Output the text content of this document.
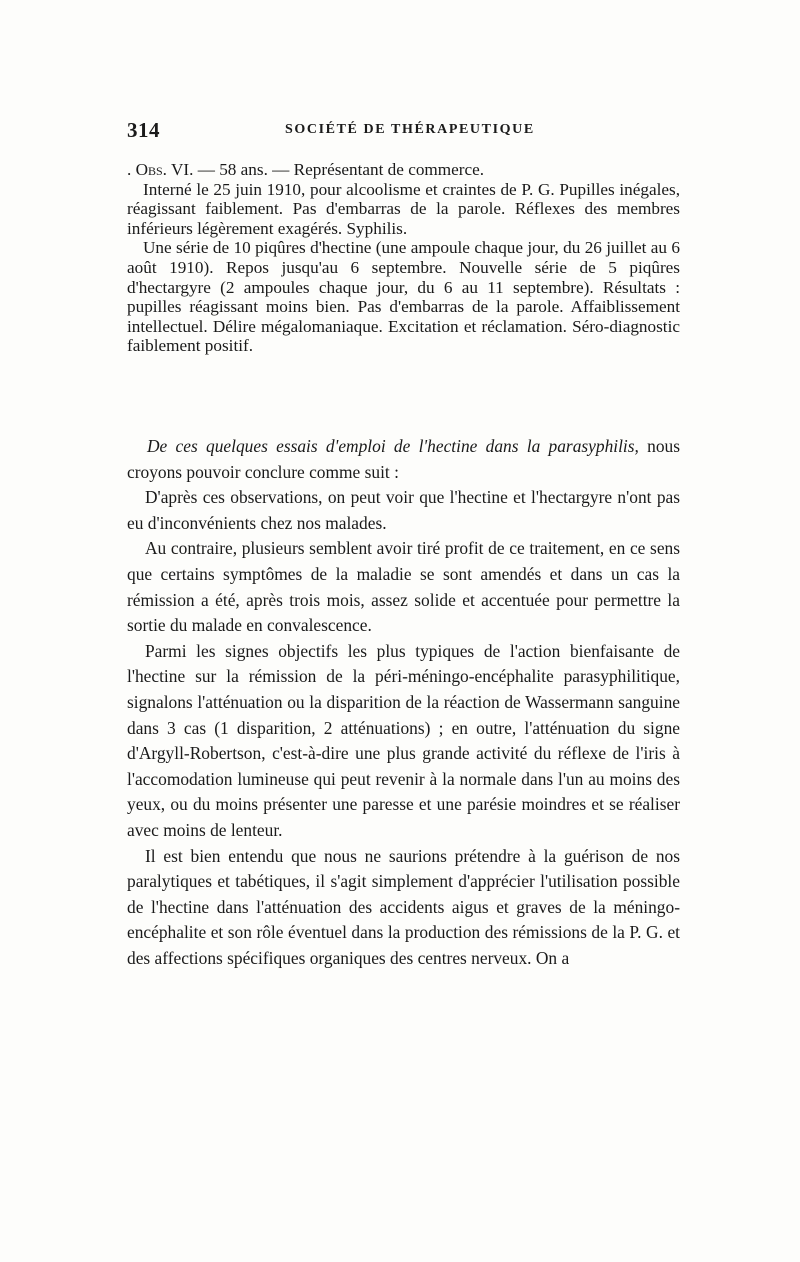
314	SOCIÉTÉ DE THÉRAPEUTIQUE

. Obs. VI. — 58 ans. — Représentant de commerce.

Interné le 25 juin 1910, pour alcoolisme et craintes de P. G. Pupilles inégales, réagissant faiblement. Pas d'embarras de la parole. Réflexes des membres inférieurs légèrement exagérés. Syphilis.

Une série de 10 piqûres d'hectine (une ampoule chaque jour, du 26 juillet au 6 août 1910). Repos jusqu'au 6 septembre. Nouvelle série de 5 piqûres d'hectargyre (2 ampoules chaque jour, du 6 au 11 septembre). Résultats : pupilles réagissant moins bien. Pas d'embarras de la parole. Affaiblissement intellectuel. Délire mégalomaniaque. Excitation et réclamation. Séro-diagnostic faiblement positif.

De ces quelques essais d'emploi de l'hectine dans la parasyphilis, nous croyons pouvoir conclure comme suit :

D'après ces observations, on peut voir que l'hectine et l'hectargyre n'ont pas eu d'inconvénients chez nos malades.

Au contraire, plusieurs semblent avoir tiré profit de ce traitement, en ce sens que certains symptômes de la maladie se sont amendés et dans un cas la rémission a été, après trois mois, assez solide et accentuée pour permettre la sortie du malade en convalescence.

Parmi les signes objectifs les plus typiques de l'action bienfaisante de l'hectine sur la rémission de la péri-méningo-encéphalite parasyphilitique, signalons l'atténuation ou la disparition de la réaction de Wassermann sanguine dans 3 cas (1 disparition, 2 atténuations) ; en outre, l'atténuation du signe d'Argyll-Robertson, c'est-à-dire une plus grande activité du réflexe de l'iris à l'accomodation lumineuse qui peut revenir à la normale dans l'un au moins des yeux, ou du moins présenter une paresse et une parésie moindres et se réaliser avec moins de lenteur.

Il est bien entendu que nous ne saurions prétendre à la guérison de nos paralytiques et tabétiques, il s'agit simplement d'apprécier l'utilisation possible de l'hectine dans l'atténuation des accidents aigus et graves de la méningo-encéphalite et son rôle éventuel dans la production des rémissions de la P. G. et des affections spécifiques organiques des centres nerveux. On a
